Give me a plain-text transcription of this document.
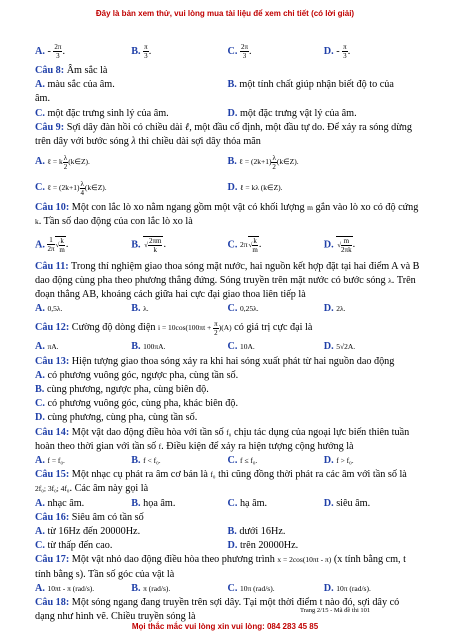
Đây là bản xem thử, vui lòng mua tài liệu để xem chi tiết (có lời giải)
A. - $\frac{2\pi}{3}$ .	B. $\frac{\pi}{3}$ .	C. $\frac{2\pi}{3}$ .	D. - $\frac{\pi}{3}$ .

Câu 8: Âm sắc là

A. màu sắc của âm.	B. một tính chất giúp nhận biết độ to của

âm.

C. một đặc trưng sinh lý của âm.	D. một đặc trưng vật lý của âm.

Câu 9: Sợi dây đàn hồi có chiều dài ℓ, một đầu cố định, một đầu tự do. Để xảy ra sóng dừng trên dây với bước sóng λ thì chiều dài sợi dây thỏa mãn

A. ℓ = k $\frac{\lambda}{2}$ (k∈Z).	B. ℓ = $(2k+1) \frac{\lambda}{2}$ (k∈Z).
C. ℓ = $(2k+1) \frac{\lambda}{4}$ (k∈Z).	D. ℓ = kλ (k∈Z).

Câu 10: Một con lắc lò xo nằm ngang gồm một vật có khối lượng m gắn vào lò xo có độ cứng k. Tần số dao động của con lắc lò xo là

A. $\frac{1}{2\pi}$ √ $\frac{k}{m}$ .	B. √ $\frac{2\pi m}{k}$ .	C. $2\pi√ \frac{k}{m}$ .	D. √ $\frac{m}{2\pi k}$ .

Câu 11: Trong thí nghiệm giao thoa sóng mặt nước, hai nguồn kết hợp đặt tại hai điểm A và B dao động cùng pha theo phương thẳng đứng. Sóng truyền trên mặt nước có bước sóng λ. Trên đoạn thẳng AB, khoảng cách giữa hai cực đại giao thoa liên tiếp là

A. 0,5λ.	B. λ.	C. 0,25λ.	D. 2λ.
Câu 12: Cường độ dòng điện $i = 10\cos(100\pi t + \frac{\pi}{2} )(A)$ có giá trị cực đại là
A. πA.	B. 100πA.	C. 10A.	D. 5√2A.

Câu 13: Hiện tượng giao thoa sóng xảy ra khi hai sóng xuất phát từ hai nguồn dao động

A. có phương vuông góc, ngược pha, cùng tần số.

B. cùng phương, ngược pha, cùng biên độ.

C. có phương vuông góc, cùng pha, khác biên độ.

D. cùng phương, cùng pha, cùng tần số.

Câu 14: Một vật dao động điều hòa với tần số f₀ chịu tác dụng của ngoại lực biến thiên tuần hoàn theo thời gian với tần số f. Điều kiện để xảy ra hiện tượng cộng hưởng là

A. f = f₀.	B. f < f₀.	C. f ≤ f₀.	D. f > f₀.

Câu 15: Một nhạc cụ phát ra âm cơ bản là f₀ thì cũng đồng thời phát ra các âm với tần số là 2f₀; 3f₀; 4f₀. Các âm này gọi là

A. nhạc âm.	B. họa âm.	C. hạ âm.	D. siêu âm.

Câu 16: Siêu âm có tần số

A. từ 16Hz đến 20000Hz.	B. dưới 16Hz.
C. từ thấp đến cao.	D. trên 20000Hz.

Câu 17: Một vật nhỏ dao động điều hòa theo phương trình x = 2cos(10πt - π) (x tính bằng cm, t tính bằng s). Tần số góc của vật là

A. 10πt - π (rad/s).	B. π (rad/s).	C. 10π (rad/s).	D. 10π (rad/s).

Câu 18: Một sóng ngang đang truyền trên sợi dây. Tại một thời điểm t nào đó, sợi dây có dạng như hình vẽ. Chiều truyền sóng là

Trang 2/15 - Mã đề thi 101
Mọi thắc mắc vui lòng xin vui lòng: 084 283 45 85
